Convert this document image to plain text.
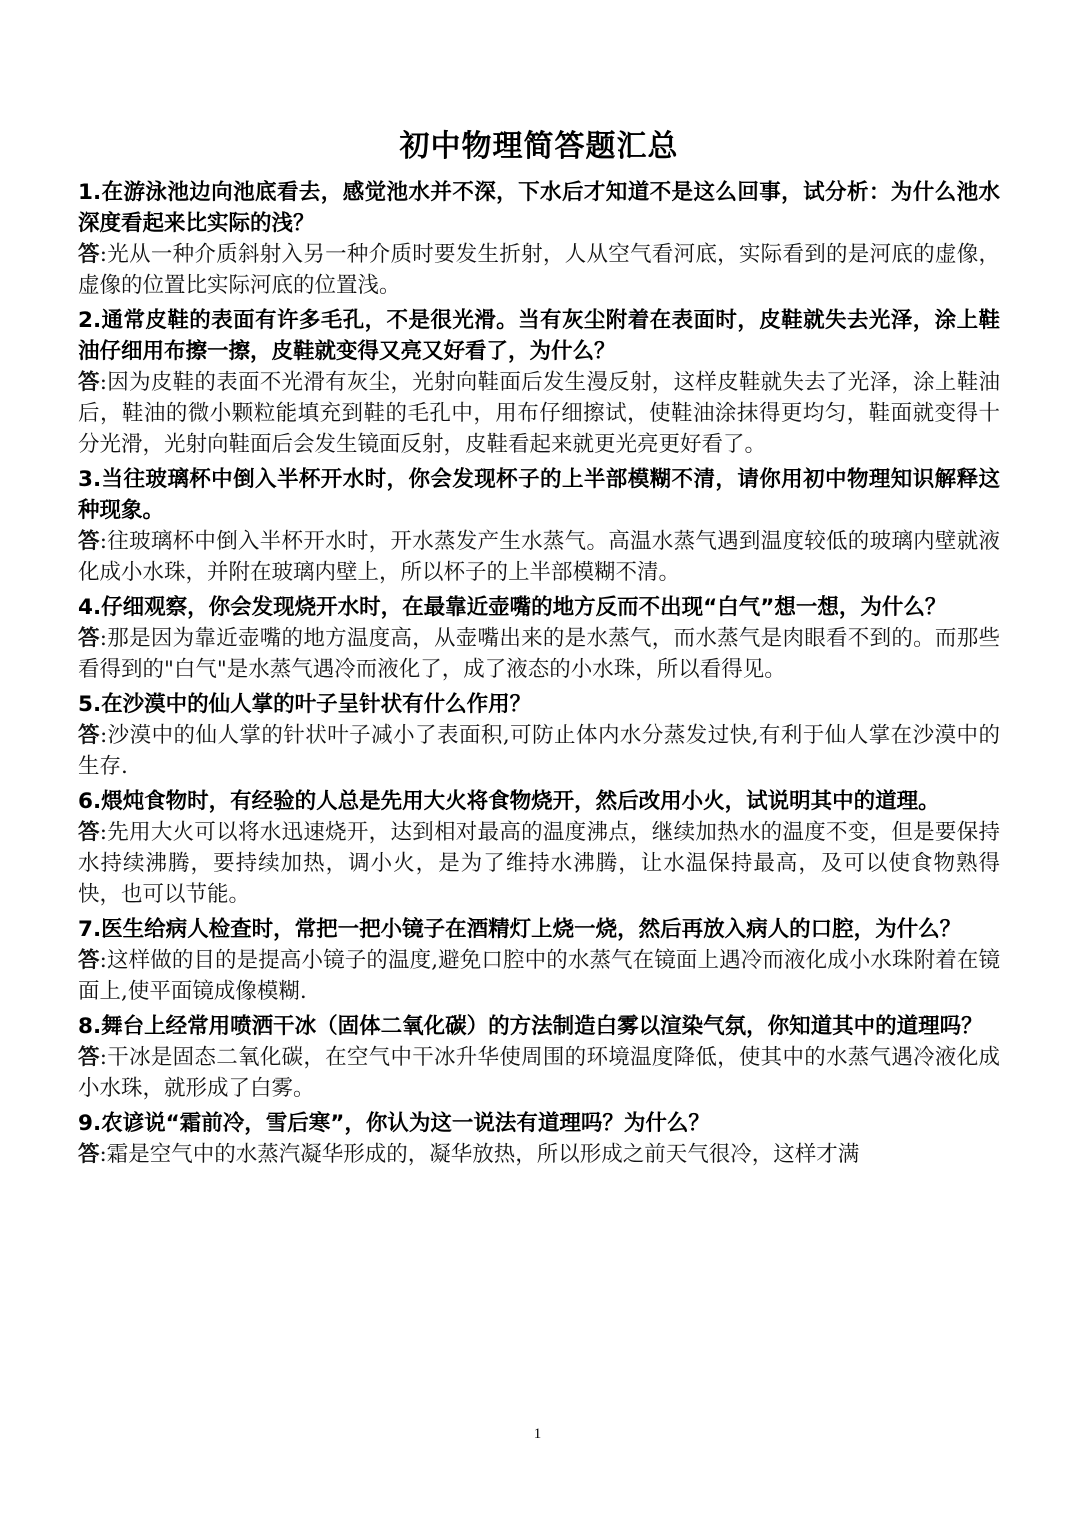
初中物理简答题汇总

1.在游泳池边向池底看去，感觉池水并不深，下水后才知道不是这么回事，试分析：为什么池水深度看起来比实际的浅？

答:光从一种介质斜射入另一种介质时要发生折射，人从空气看河底，实际看到的是河底的虚像，虚像的位置比实际河底的位置浅。

2.通常皮鞋的表面有许多毛孔，不是很光滑。当有灰尘附着在表面时，皮鞋就失去光泽，涂上鞋油仔细用布擦一擦，皮鞋就变得又亮又好看了，为什么？

答:因为皮鞋的表面不光滑有灰尘，光射向鞋面后发生漫反射，这样皮鞋就失去了光泽，涂上鞋油后，鞋油的微小颗粒能填充到鞋的毛孔中，用布仔细擦试，使鞋油涂抹得更均匀，鞋面就变得十分光滑，光射向鞋面后会发生镜面反射，皮鞋看起来就更光亮更好看了。

3.当往玻璃杯中倒入半杯开水时，你会发现杯子的上半部模糊不清，请你用初中物理知识解释这种现象。

答:往玻璃杯中倒入半杯开水时，开水蒸发产生水蒸气。高温水蒸气遇到温度较低的玻璃内壁就液化成小水珠，并附在玻璃内壁上，所以杯子的上半部模糊不清。

4.仔细观察，你会发现烧开水时，在最靠近壶嘴的地方反而不出现“白气”想一想，为什么？

答:那是因为靠近壶嘴的地方温度高，从壶嘴出来的是水蒸气，而水蒸气是肉眼看不到的。而那些看得到的"白气"是水蒸气遇冷而液化了，成了液态的小水珠，所以看得见。

5.在沙漠中的仙人掌的叶子呈针状有什么作用？

答:沙漠中的仙人掌的针状叶子减小了表面积,可防止体内水分蒸发过快,有利于仙人掌在沙漠中的生存.

6.煨炖食物时，有经验的人总是先用大火将食物烧开，然后改用小火，试说明其中的道理。

答:先用大火可以将水迅速烧开，达到相对最高的温度沸点，继续加热水的温度不变，但是要保持水持续沸腾，要持续加热，调小火，是为了维持水沸腾，让水温保持最高，及可以使食物熟得快，也可以节能。

7.医生给病人检查时，常把一把小镜子在酒精灯上烧一烧，然后再放入病人的口腔，为什么？

答:这样做的目的是提高小镜子的温度,避免口腔中的水蒸气在镜面上遇冷而液化成小水珠附着在镜面上,使平面镜成像模糊.

8.舞台上经常用喷洒干冰（固体二氧化碳）的方法制造白雾以渲染气氛，你知道其中的道理吗？

答:干冰是固态二氧化碳，在空气中干冰升华使周围的环境温度降低，使其中的水蒸气遇冷液化成小水珠，就形成了白雾。

9.农谚说“霜前冷，雪后寒”，你认为这一说法有道理吗？为什么？

答:霜是空气中的水蒸汽凝华形成的，凝华放热，所以形成之前天气很冷，这样才满

1
